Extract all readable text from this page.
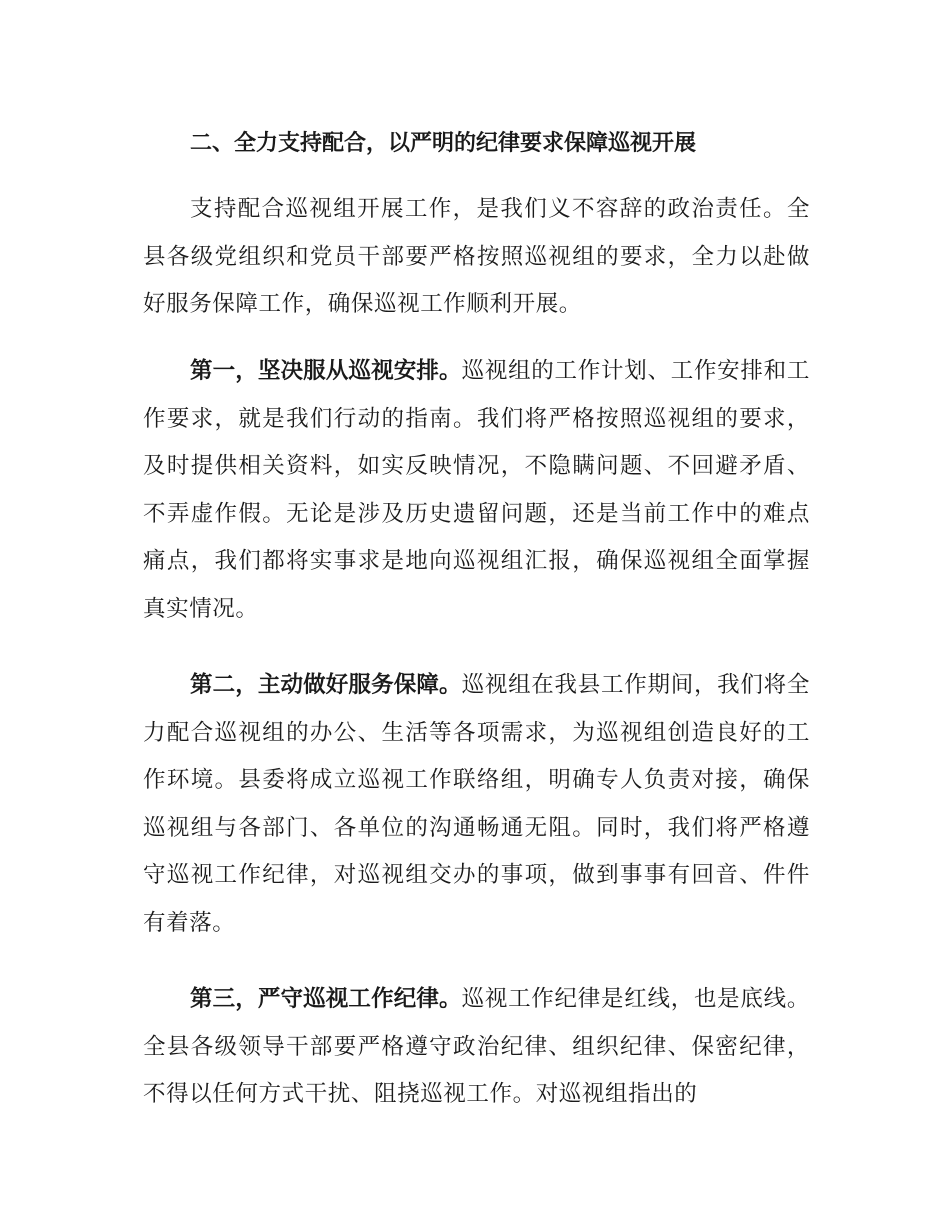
二、全力支持配合，以严明的纪律要求保障巡视开展

支持配合巡视组开展工作，是我们义不容辞的政治责任。全县各级党组织和党员干部要严格按照巡视组的要求，全力以赴做好服务保障工作，确保巡视工作顺利开展。

第一，坚决服从巡视安排。巡视组的工作计划、工作安排和工作要求，就是我们行动的指南。我们将严格按照巡视组的要求，及时提供相关资料，如实反映情况，不隐瞒问题、不回避矛盾、不弄虚作假。无论是涉及历史遗留问题，还是当前工作中的难点痛点，我们都将实事求是地向巡视组汇报，确保巡视组全面掌握真实情况。

第二，主动做好服务保障。巡视组在我县工作期间，我们将全力配合巡视组的办公、生活等各项需求，为巡视组创造良好的工作环境。县委将成立巡视工作联络组，明确专人负责对接，确保巡视组与各部门、各单位的沟通畅通无阻。同时，我们将严格遵守巡视工作纪律，对巡视组交办的事项，做到事事有回音、件件有着落。

第三，严守巡视工作纪律。巡视工作纪律是红线，也是底线。全县各级领导干部要严格遵守政治纪律、组织纪律、保密纪律，不得以任何方式干扰、阻挠巡视工作。对巡视组指出的
